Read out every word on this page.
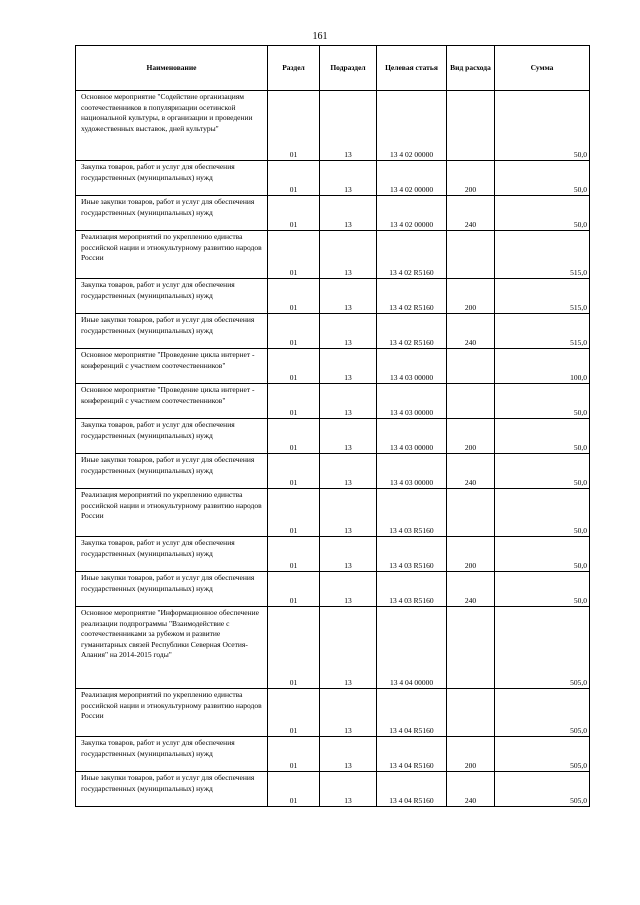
161
Наименование	Раздел	Подраздел	Целевая статья	Вид расхода	Сумма
Основное мероприятие "Содействие организациям соотечественников в популяризации осетинской национальной культуры, в организации и проведении художественных выставок, дней культуры"	01	13	13 4 02 00000		50,0
Закупка товаров, работ и услуг для обеспечения государственных (муниципальных) нужд	01	13	13 4 02 00000	200	50,0
Иные закупки товаров, работ и услуг для обеспечения государственных (муниципальных) нужд	01	13	13 4 02 00000	240	50,0
Реализация мероприятий по укреплению единства российской нации и этнокультурному развитию народов России	01	13	13 4 02 R5160		515,0
Закупка товаров, работ и услуг для обеспечения государственных (муниципальных) нужд	01	13	13 4 02 R5160	200	515,0
Иные закупки товаров, работ и услуг для обеспечения государственных (муниципальных) нужд	01	13	13 4 02 R5160	240	515,0
Основное мероприятие "Проведение цикла интернет - конференций с участием соотечественников"	01	13	13 4 03 00000		100,0
Основное мероприятие "Проведение цикла интернет - конференций с участием соотечественников"	01	13	13 4 03 00000		50,0
Закупка товаров, работ и услуг для обеспечения государственных (муниципальных) нужд	01	13	13 4 03 00000	200	50,0
Иные закупки товаров, работ и услуг для обеспечения государственных (муниципальных) нужд	01	13	13 4 03 00000	240	50,0
Реализация мероприятий по укреплению единства российской нации и этнокультурному развитию народов России	01	13	13 4 03 R5160		50,0
Закупка товаров, работ и услуг для обеспечения государственных (муниципальных) нужд	01	13	13 4 03 R5160	200	50,0
Иные закупки товаров, работ и услуг для обеспечения государственных (муниципальных) нужд	01	13	13 4 03 R5160	240	50,0
Основное мероприятие "Информационное обеспечение реализации подпрограммы "Взаимодействие с соотечественниками за рубежом и развитие гуманитарных связей Республики Северная Осетия-Алания" на 2014-2015 годы"	01	13	13 4 04 00000		505,0
Реализация мероприятий по укреплению единства российской нации и этнокультурному развитию народов России	01	13	13 4 04 R5160		505,0
Закупка товаров, работ и услуг для обеспечения государственных (муниципальных) нужд	01	13	13 4 04 R5160	200	505,0
Иные закупки товаров, работ и услуг для обеспечения государственных (муниципальных) нужд	01	13	13 4 04 R5160	240	505,0
